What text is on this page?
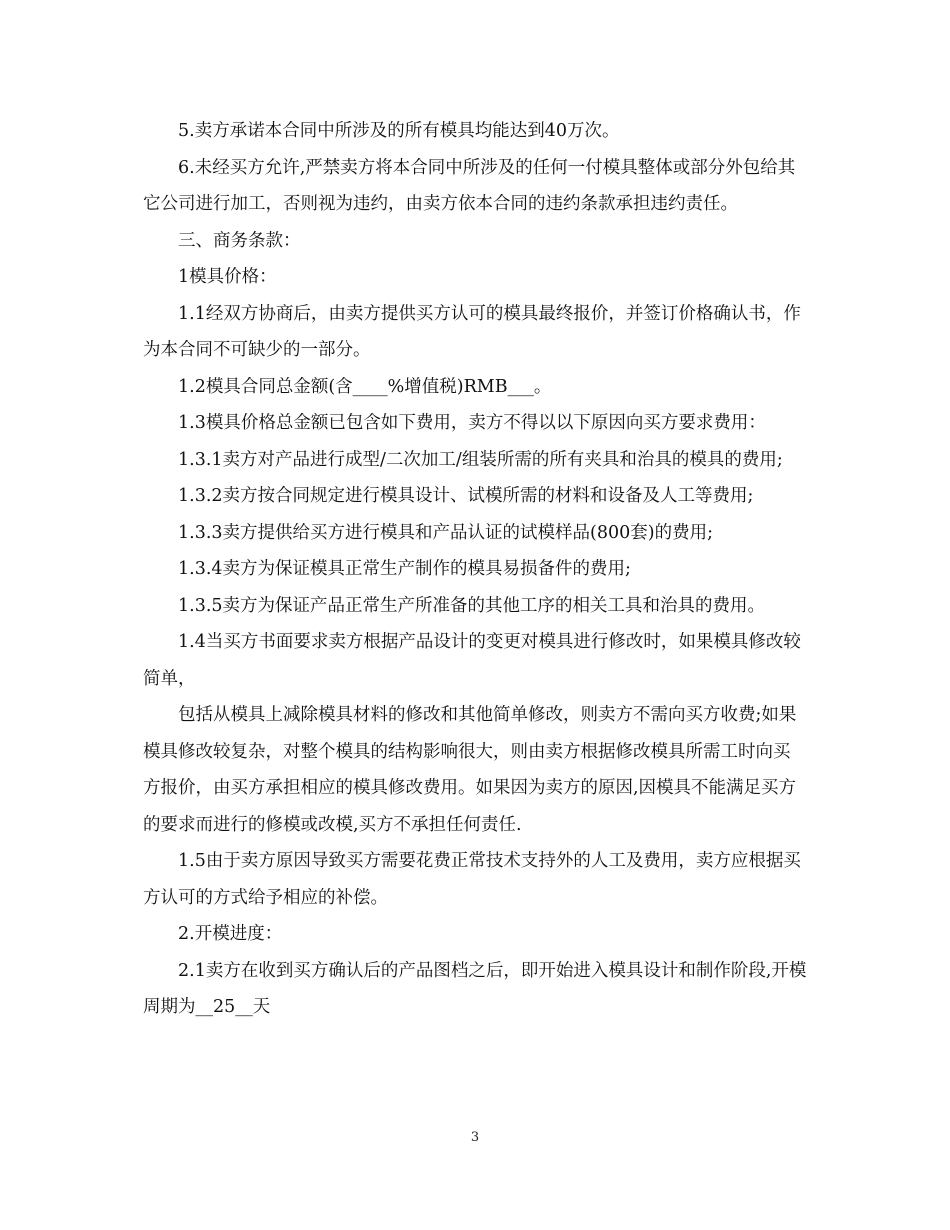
5.卖方承诺本合同中所涉及的所有模具均能达到40万次。

6.未经买方允许,严禁卖方将本合同中所涉及的任何一付模具整体或部分外包给其它公司进行加工，否则视为违约，由卖方依本合同的违约条款承担违约责任。

三、商务条款：

1模具价格：

1.1经双方协商后，由卖方提供买方认可的模具最终报价，并签订价格确认书，作为本合同不可缺少的一部分。

1.2模具合同总金额(含____%增值税)RMB___。

1.3模具价格总金额已包含如下费用，卖方不得以以下原因向买方要求费用：

1.3.1卖方对产品进行成型/二次加工/组装所需的所有夹具和治具的模具的费用;

1.3.2卖方按合同规定进行模具设计、试模所需的材料和设备及人工等费用;

1.3.3卖方提供给买方进行模具和产品认证的试模样品(800套)的费用;

1.3.4卖方为保证模具正常生产制作的模具易损备件的费用;

1.3.5卖方为保证产品正常生产所准备的其他工序的相关工具和治具的费用。

1.4当买方书面要求卖方根据产品设计的变更对模具进行修改时，如果模具修改较简单，

包括从模具上减除模具材料的修改和其他简单修改，则卖方不需向买方收费;如果模具修改较复杂，对整个模具的结构影响很大，则由卖方根据修改模具所需工时向买方报价，由买方承担相应的模具修改费用。如果因为卖方的原因,因模具不能满足买方的要求而进行的修模或改模,买方不承担任何责任.

1.5由于卖方原因导致买方需要花费正常技术支持外的人工及费用，卖方应根据买方认可的方式给予相应的补偿。

2.开模进度：

2.1卖方在收到买方确认后的产品图档之后，即开始进入模具设计和制作阶段,开模周期为__25__天

3
